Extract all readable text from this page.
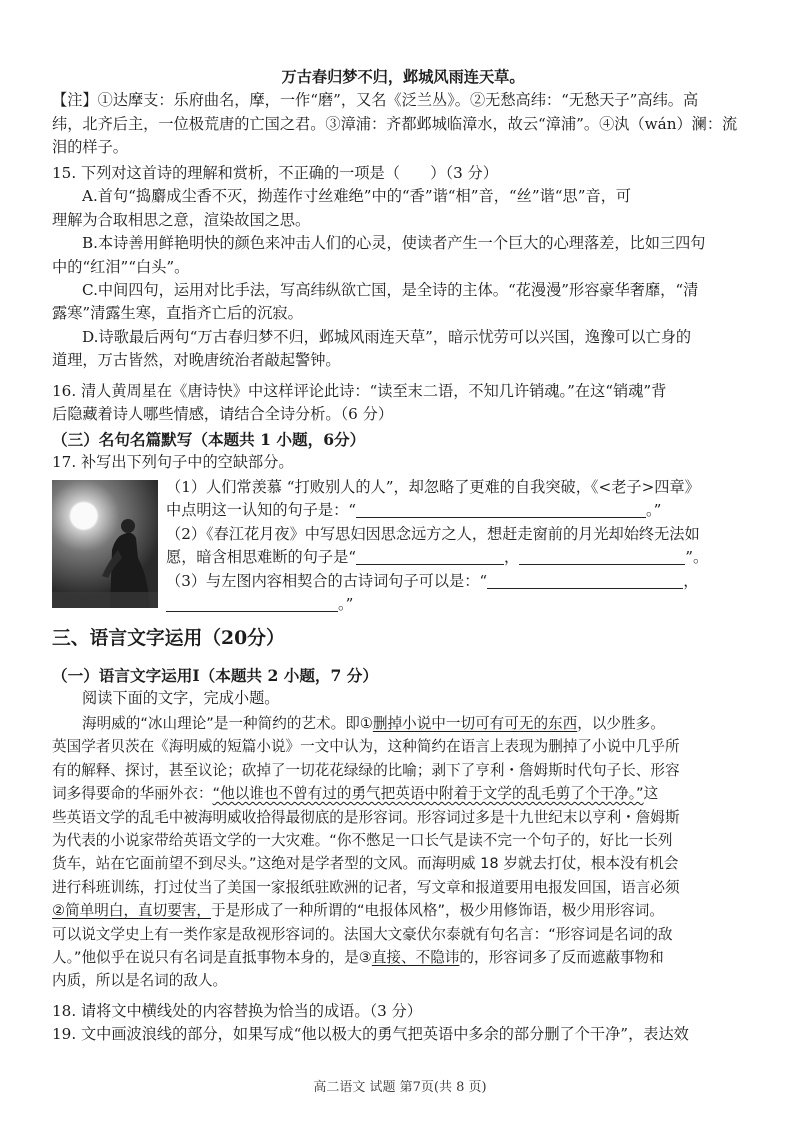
万古春归梦不归，邺城风雨连天草。
【注】①达摩支：乐府曲名，摩，一作“磨”，又名《泛兰丛》。②无愁高纬：“无愁天子”高纬。高
纬，北齐后主，一位极荒唐的亡国之君。③漳浦：齐都邺城临漳水，故云“漳浦”。④汍（wán）澜：流
泪的样子。
15. 下列对这首诗的理解和赏析，不正确的一项是（　　）（3 分）
A.首句“捣麝成尘香不灭，拗莲作寸丝难绝”中的“香”谐“相”音，“丝”谐“思”音，可
理解为合取相思之意，渲染故国之思。
B.本诗善用鲜艳明快的颜色来冲击人们的心灵，使读者产生一个巨大的心理落差，比如三四句
中的“红泪”“白头”。
C.中间四句，运用对比手法，写高纬纵欲亡国，是全诗的主体。“花漫漫”形容豪华奢靡，“清
露寒”清露生寒，直指齐亡后的沉寂。
D.诗歌最后两句“万古春归梦不归，邺城风雨连天草”，暗示忧劳可以兴国，逸豫可以亡身的
道理，万古皆然，对晚唐统治者敲起警钟。
16. 清人黄周星在《唐诗快》中这样评论此诗：“读至末二语，不知几许销魂。”在这“销魂”背
后隐藏着诗人哪些情感，请结合全诗分析。（6 分）
（三）名句名篇默写（本题共 1 小题，6分）
17. 补写出下列句子中的空缺部分。
（1）人们常羡慕 “打败别人的人”，却忽略了更难的自我突破，《<老子>四章》
中点明这一认知的句子是：“	。”
（2）《春江花月夜》中写思妇因思念远方之人，想赶走窗前的月光却始终无法如
愿，暗含相思难断的句子是“	，	”。
（3）与左图内容相契合的古诗词句子可以是：“	，
。”
三、语言文字运用（20分）
（一）语言文字运用Ⅰ（本题共 2 小题，7 分）
阅读下面的文字，完成小题。
海明威的“冰山理论”是一种简约的艺术。即①删掉小说中一切可有可无的东西，以少胜多。
英国学者贝茨在《海明威的短篇小说》一文中认为，这种简约在语言上表现为删掉了小说中几乎所
有的解释、探讨，甚至议论；砍掉了一切花花绿绿的比喻；剥下了亨利・詹姆斯时代句子长、形容
词多得要命的华丽外衣：“他以谁也不曾有过的勇气把英语中附着于文学的乱毛剪了个干净。”这
些英语文学的乱毛中被海明威收拾得最彻底的是形容词。形容词过多是十九世纪末以亨利・詹姆斯
为代表的小说家带给英语文学的一大灾难。“你不憋足一口长气是读不完一个句子的，好比一长列
货车，站在它面前望不到尽头。”这绝对是学者型的文风。而海明威 18 岁就去打仗，根本没有机会
进行科班训练，打过仗当了美国一家报纸驻欧洲的记者，写文章和报道要用电报发回国，语言必须
②简单明白，直切要害，于是形成了一种所谓的“电报体风格”，极少用修饰语，极少用形容词。
可以说文学史上有一类作家是敌视形容词的。法国大文豪伏尔泰就有句名言：“形容词是名词的敌
人。”他似乎在说只有名词是直抵事物本身的，是③直接、不隐讳的，形容词多了反而遮蔽事物和
内质，所以是名词的敌人。
18. 请将文中横线处的内容替换为恰当的成语。（3 分）
19. 文中画波浪线的部分，如果写成“他以极大的勇气把英语中多余的部分删了个干净”，表达效
高二语文 试题 第7页(共 8 页)
